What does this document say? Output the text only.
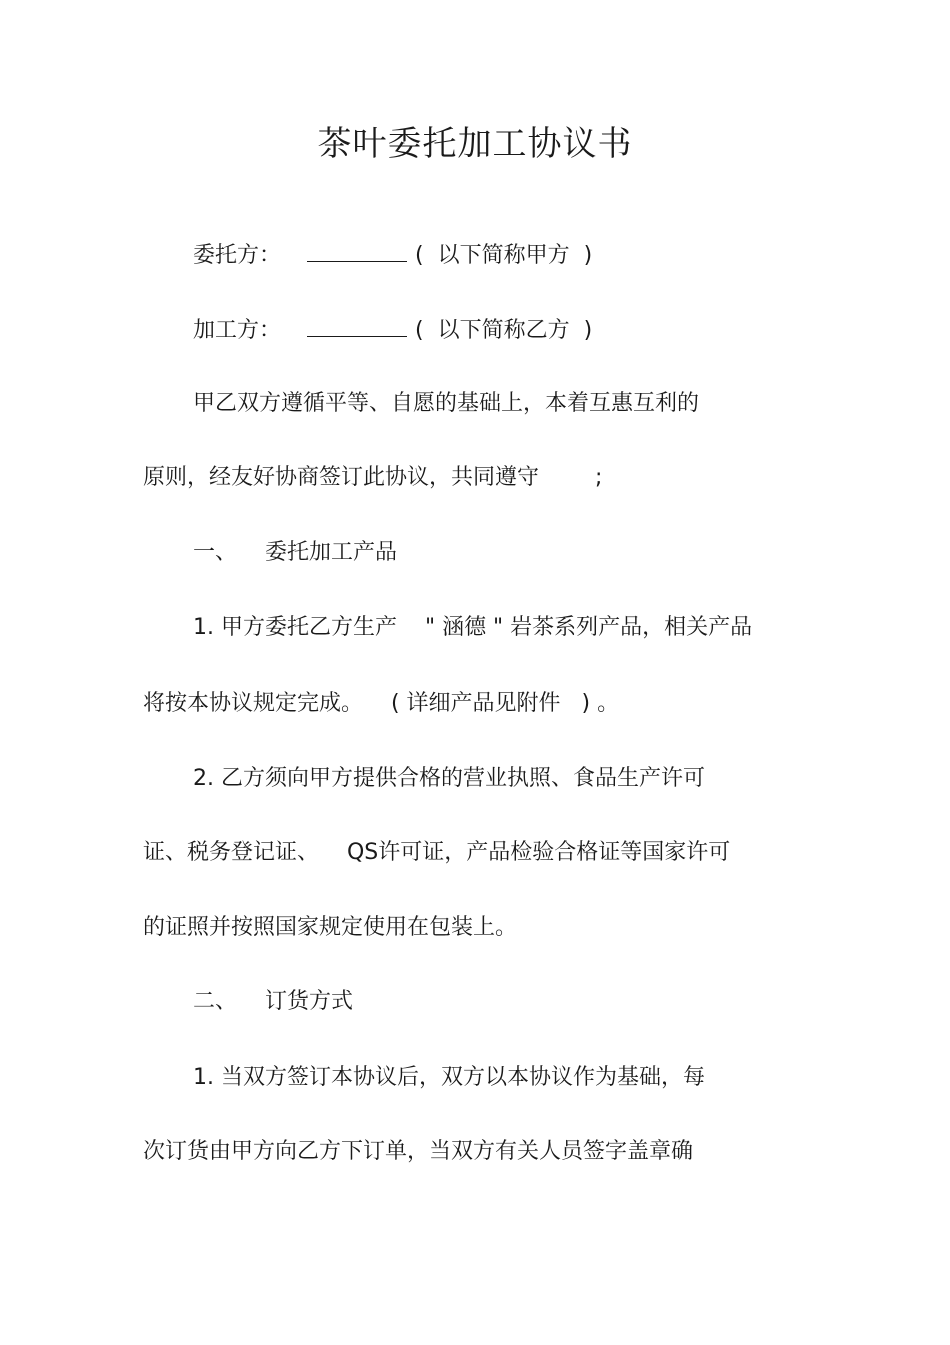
茶叶委托加工协议书
委托方：	(  以下简称甲方  )
加工方：	(  以下简称乙方  )
甲乙双方遵循平等、自愿的基础上，本着互惠互利的
原则，经友好协商签订此协议，共同遵守        ;
一、    委托加工产品
1. 甲方委托乙方生产    " 涵德 " 岩茶系列产品，相关产品
将按本协议规定完成。    ( 详细产品见附件   ) 。
2. 乙方须向甲方提供合格的营业执照、食品生产许可
证、税务登记证、    QS许可证，产品检验合格证等国家许可
的证照并按照国家规定使用在包装上。
二、    订货方式
1. 当双方签订本协议后，双方以本协议作为基础，每
次订货由甲方向乙方下订单，当双方有关人员签字盖章确
